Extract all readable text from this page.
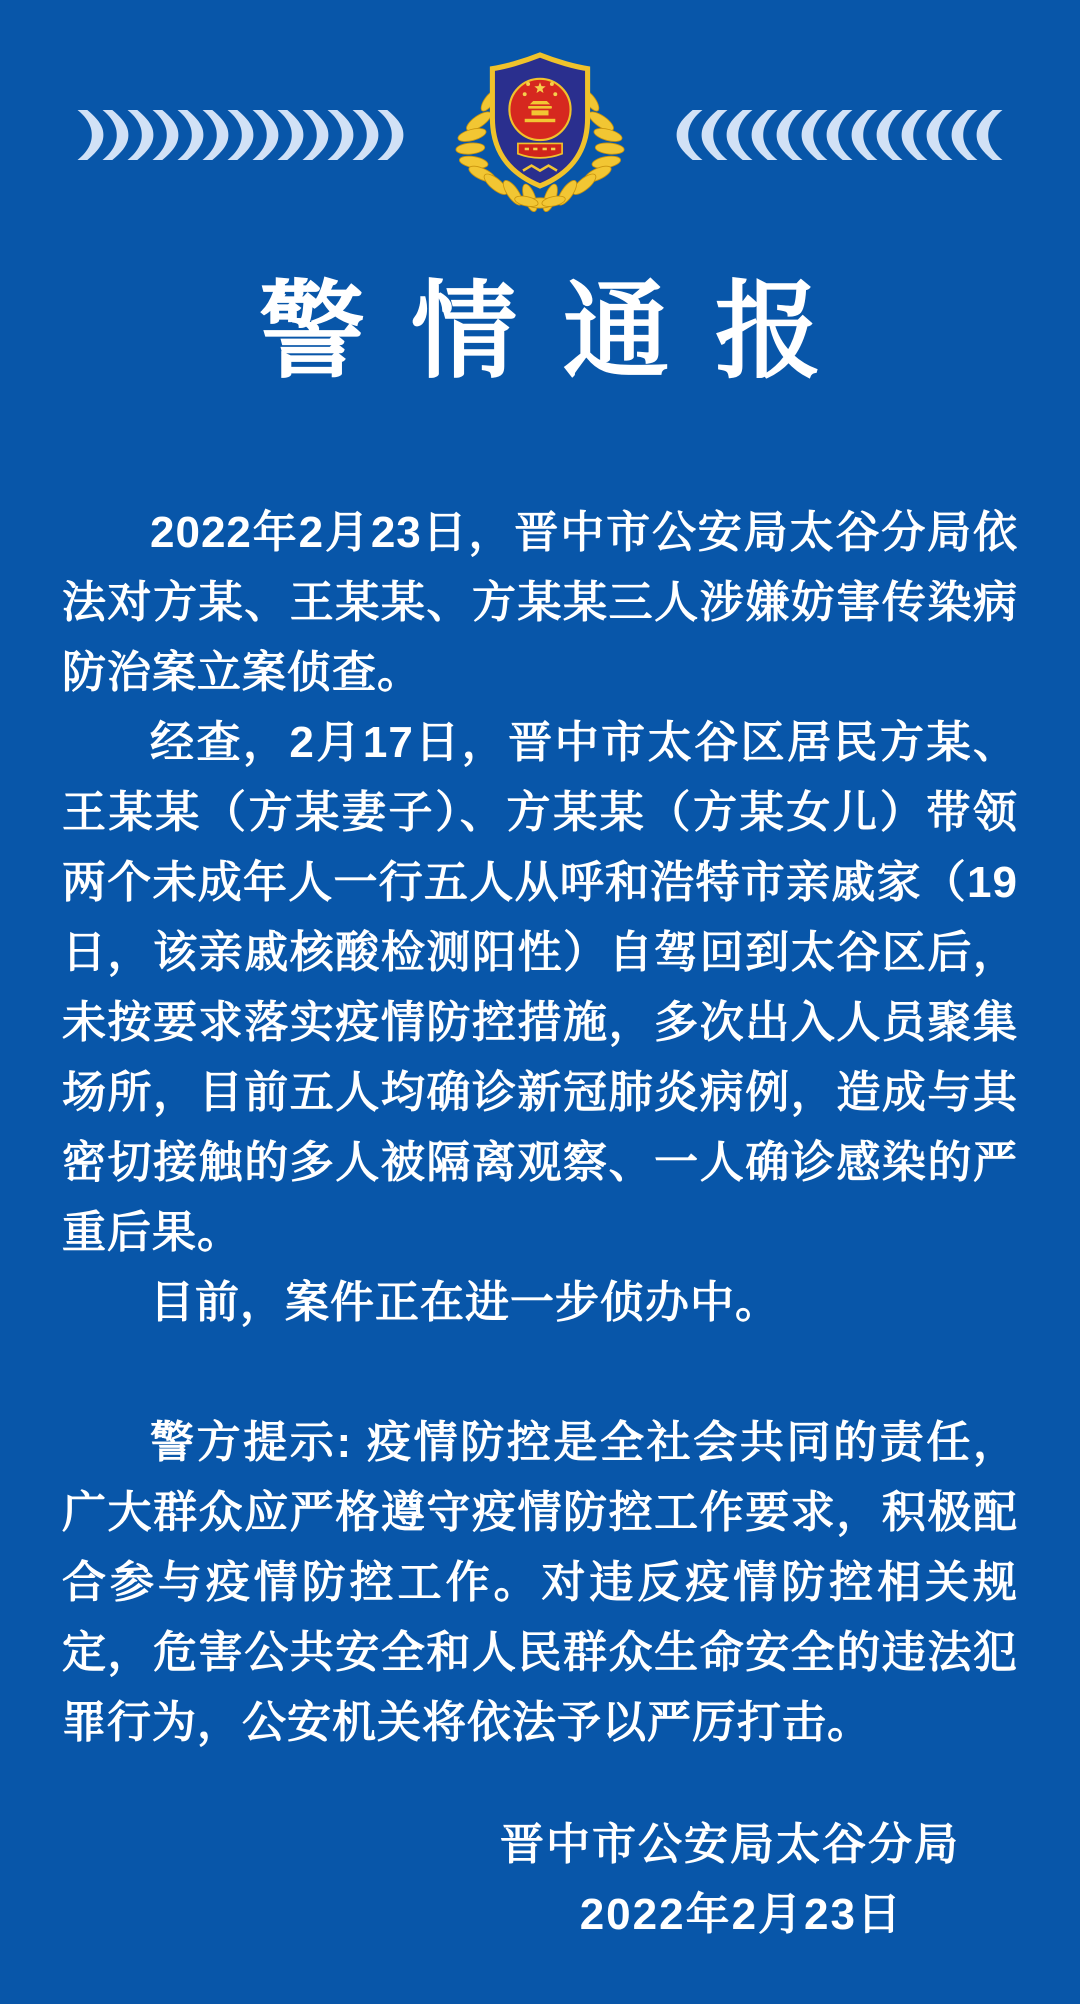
警情通报

2022年2月23日，晋中市公安局太谷分局依法对方某、王某某、方某某三人涉嫌妨害传染病防治案立案侦查。

经查，2月17日，晋中市太谷区居民方某、王某某（方某妻子）、方某某（方某女儿）带领两个未成年人一行五人从呼和浩特市亲戚家（19日，该亲戚核酸检测阳性）自驾回到太谷区后，未按要求落实疫情防控措施，多次出入人员聚集场所，目前五人均确诊新冠肺炎病例，造成与其密切接触的多人被隔离观察、一人确诊感染的严重后果。

目前，案件正在进一步侦办中。

警方提示: 疫情防控是全社会共同的责任，广大群众应严格遵守疫情防控工作要求，积极配合参与疫情防控工作。对违反疫情防控相关规定，危害公共安全和人民群众生命安全的违法犯罪行为，公安机关将依法予以严厉打击。

晋中市公安局太谷分局
2022年2月23日
